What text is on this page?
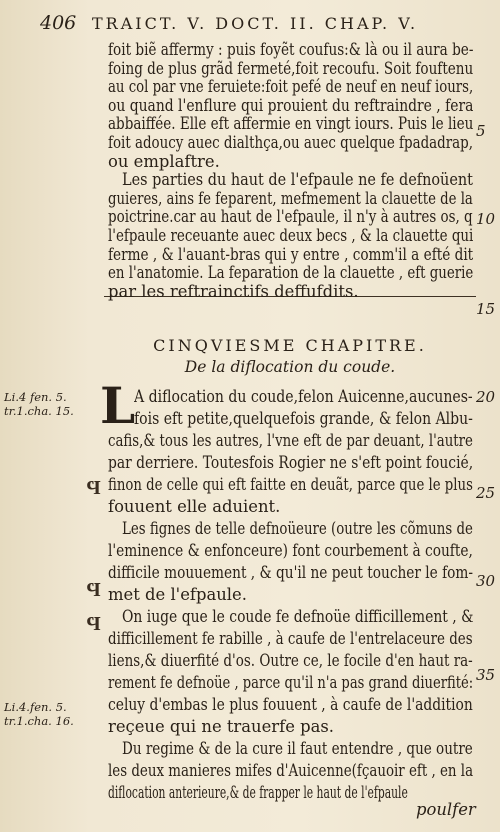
406 TRAICT. V. DOCT. II. CHAP. V.
CINQVIESME CHAPITRE.
De la diflocation du coude.
L
A diflocation du coude,felon Auicenne,aucunes-
fois eft petite,quelquefois grande, & felon Albu-
cafis,& tous les autres, l'vne eft de par deuant, l'autre
par derriere. Toutesfois Rogier ne s'eft point foucié,
finon de celle qui eft faitte en deuãt, parce que le plus
fouuent elle aduient.
Les fignes de telle defnoüeure (outre les cõmuns de
l'eminence & enfonceure) font courbement à coufte,
difficile mouuement , & qu'il ne peut toucher le fom-
met de l'efpaule.
On iuge que le coude fe defnoüe difficillement , &
difficillement fe rabille , à caufe de l'entrelaceure des
liens,& diuerfité d'os. Outre ce, le focile d'en haut ra-
rement fe defnoüe , parce qu'il n'a pas grand diuerfité:
celuy d'embas le plus fouuent , à caufe de l'addition
reçeue qui ne trauerfe pas.
Du regime & de la cure il faut entendre , que outre
les deux manieres mifes d'Auicenne(fçauoir eft , en la
diflocation anterieure,& de frapper le haut de l'efpaule
5
10
15
20
25
30
35
Li.4 fen. 5. tr.1.cha. 15.
Li.4.fen. 5. tr.1.cha. 16.
Ϥ
Ϥ
Ϥ
poulfer
foit biẽ affermy : puis foyẽt coufus:& là ou il aura be-
foing de plus grãd fermeté,foit recoufu. Soit fouftenu
au col par vne feruiete:foit pefé de neuf en neuf iours,
ou quand l'enflure qui prouient du reftraindre , fera
abbaiffée. Elle eft affermie en vingt iours. Puis le lieu
foit adoucy auec dialthça,ou auec quelque fpadadrap,
ou emplaftre.
Les parties du haut de l'efpaule ne fe defnoüent
guieres, ains fe feparent, mefmement la clauette de la
poictrine.car au haut de l'efpaule, il n'y à autres os, q
l'efpaule receuante auec deux becs , & la clauette qui
ferme , & l'auant-bras qui y entre , comm'il a efté dit
en l'anatomie. La feparation de la clauette , eft guerie
par les reftrainctifs deffufdits.
